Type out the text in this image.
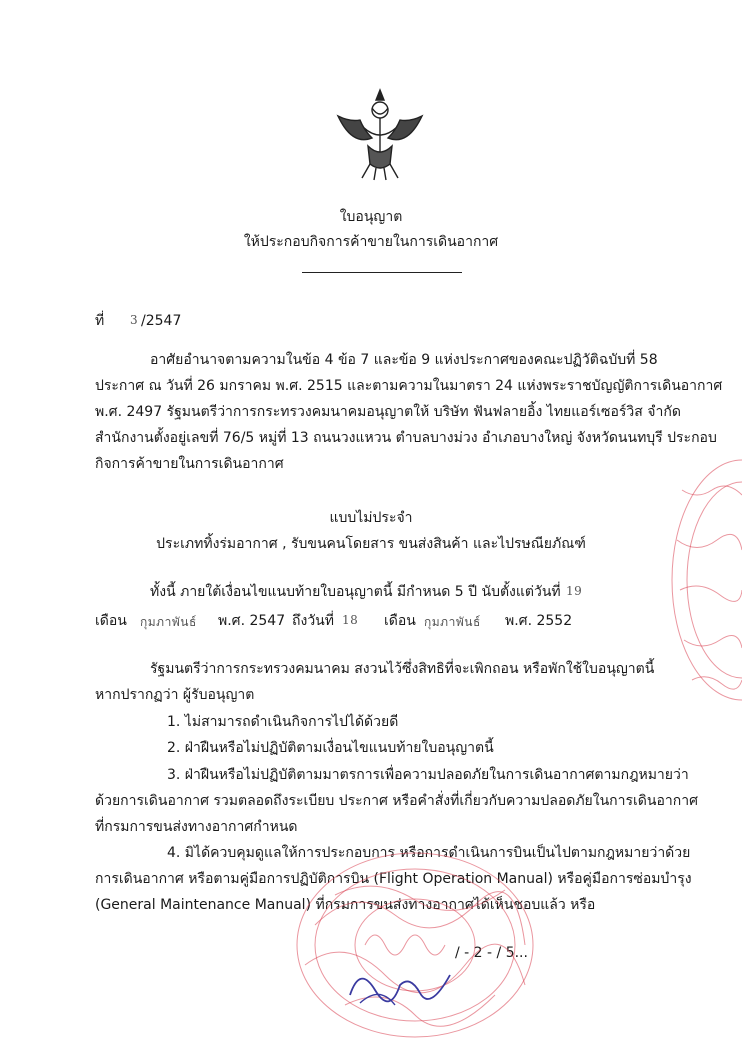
ใบอนุญาต
ให้ประกอบกิจการค้าขายในการเดินอากาศ
ที่ 3 /2547
อาศัยอำนาจตามความในข้อ 4 ข้อ 7 และข้อ 9 แห่งประกาศของคณะปฏิวัติฉบับที่ 58
ประกาศ ณ วันที่ 26 มกราคม พ.ศ. 2515 และตามความในมาตรา 24 แห่งพระราชบัญญัติการเดินอากาศ
พ.ศ. 2497 รัฐมนตรีว่าการกระทรวงคมนาคมอนุญาตให้ บริษัท ฟันฟลายอิ้ง ไทยแอร์เซอร์วิส จำกัด
สำนักงานตั้งอยู่เลขที่ 76/5 หมู่ที่ 13 ถนนวงแหวน ตำบลบางม่วง อำเภอบางใหญ่ จังหวัดนนทบุรี ประกอบ
กิจการค้าขายในการเดินอากาศ
แบบไม่ประจำ
ประเภททิ้งร่มอากาศ , รับขนคนโดยสาร ขนส่งสินค้า และไปรษณียภัณฑ์
ทั้งนี้ ภายใต้เงื่อนไขแนบท้ายใบอนุญาตนี้ มีกำหนด 5 ปี นับตั้งแต่วันที่ 19
เดือน กุมภาพันธ์ พ.ศ. 2547 ถึงวันที่ 18 เดือน กุมภาพันธ์ พ.ศ. 2552
รัฐมนตรีว่าการกระทรวงคมนาคม สงวนไว้ซึ่งสิทธิที่จะเพิกถอน หรือพักใช้ใบอนุญาตนี้
หากปรากฏว่า ผู้รับอนุญาต
1. ไม่สามารถดำเนินกิจการไปได้ด้วยดี
2. ฝ่าฝืนหรือไม่ปฏิบัติตามเงื่อนไขแนบท้ายใบอนุญาตนี้
3. ฝ่าฝืนหรือไม่ปฏิบัติตามมาตรการเพื่อความปลอดภัยในการเดินอากาศตามกฎหมายว่า
ด้วยการเดินอากาศ รวมตลอดถึงระเบียบ ประกาศ หรือคำสั่งที่เกี่ยวกับความปลอดภัยในการเดินอากาศ
ที่กรมการขนส่งทางอากาศกำหนด
4. มิได้ควบคุมดูแลให้การประกอบการ หรือการดำเนินการบินเป็นไปตามกฎหมายว่าด้วย
การเดินอากาศ หรือตามคู่มือการปฏิบัติการบิน (Flight Operation Manual) หรือคู่มือการซ่อมบำรุง
(General Maintenance Manual) ที่กรมการขนส่งทางอากาศได้เห็นชอบแล้ว หรือ
/ - 2 - / 5...
